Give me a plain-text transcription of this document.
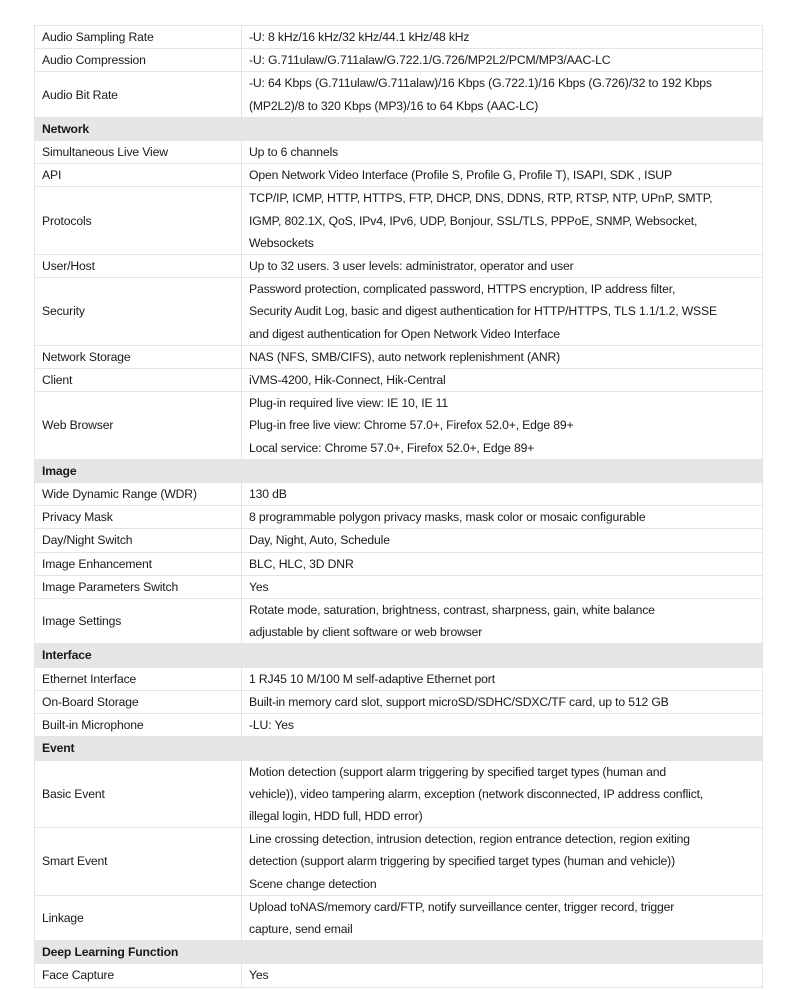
Audio Sampling Rate	-U: 8 kHz/16 kHz/32 kHz/44.1 kHz/48 kHz

Audio Compression	-U: G.711ulaw/G.711alaw/G.722.1/G.726/MP2L2/PCM/MP3/AAC-LC

Audio Bit Rate	-U: 64 Kbps (G.711ulaw/G.711alaw)/16 Kbps (G.722.1)/16 Kbps (G.726)/32 to 192 Kbps
(MP2L2)/8 to 320 Kbps (MP3)/16 to 64 Kbps (AAC-LC)

Network	
Simultaneous Live View	Up to 6 channels

API	Open Network Video Interface (Profile S, Profile G, Profile T), ISAPI, SDK , ISUP

Protocols	TCP/IP, ICMP, HTTP, HTTPS, FTP, DHCP, DNS, DDNS, RTP, RTSP, NTP, UPnP, SMTP,
IGMP, 802.1X, QoS, IPv4, IPv6, UDP, Bonjour, SSL/TLS, PPPoE, SNMP, Websocket,
Websockets

User/Host	Up to 32 users. 3 user levels: administrator, operator and user

Security	Password protection, complicated password, HTTPS encryption, IP address filter,
Security Audit Log, basic and digest authentication for HTTP/HTTPS, TLS 1.1/1.2, WSSE
and digest authentication for Open Network Video Interface

Network Storage	NAS (NFS, SMB/CIFS), auto network replenishment (ANR)

Client	iVMS-4200, Hik-Connect, Hik-Central

Web Browser	Plug-in required live view: IE 10, IE 11
Plug-in free live view: Chrome 57.0+, Firefox 52.0+, Edge 89+
Local service: Chrome 57.0+, Firefox 52.0+, Edge 89+

Image	
Wide Dynamic Range (WDR)	130 dB

Privacy Mask	8 programmable polygon privacy masks, mask color or mosaic configurable

Day/Night Switch	Day, Night, Auto, Schedule

Image Enhancement	BLC, HLC, 3D DNR

Image Parameters Switch	Yes

Image Settings	Rotate mode, saturation, brightness, contrast, sharpness, gain, white balance
adjustable by client software or web browser

Interface	
Ethernet Interface	1 RJ45 10 M/100 M self-adaptive Ethernet port

On-Board Storage	Built-in memory card slot, support microSD/SDHC/SDXC/TF card, up to 512 GB

Built-in Microphone	-LU: Yes

Event	
Basic Event	Motion detection (support alarm triggering by specified target types (human and
vehicle)), video tampering alarm, exception (network disconnected, IP address conflict,
illegal login, HDD full, HDD error)

Smart Event	Line crossing detection, intrusion detection, region entrance detection, region exiting
detection (support alarm triggering by specified target types (human and vehicle))
Scene change detection

Linkage	Upload toNAS/memory card/FTP, notify surveillance center, trigger record, trigger
capture, send email

Deep Learning Function	
Face Capture	Yes
